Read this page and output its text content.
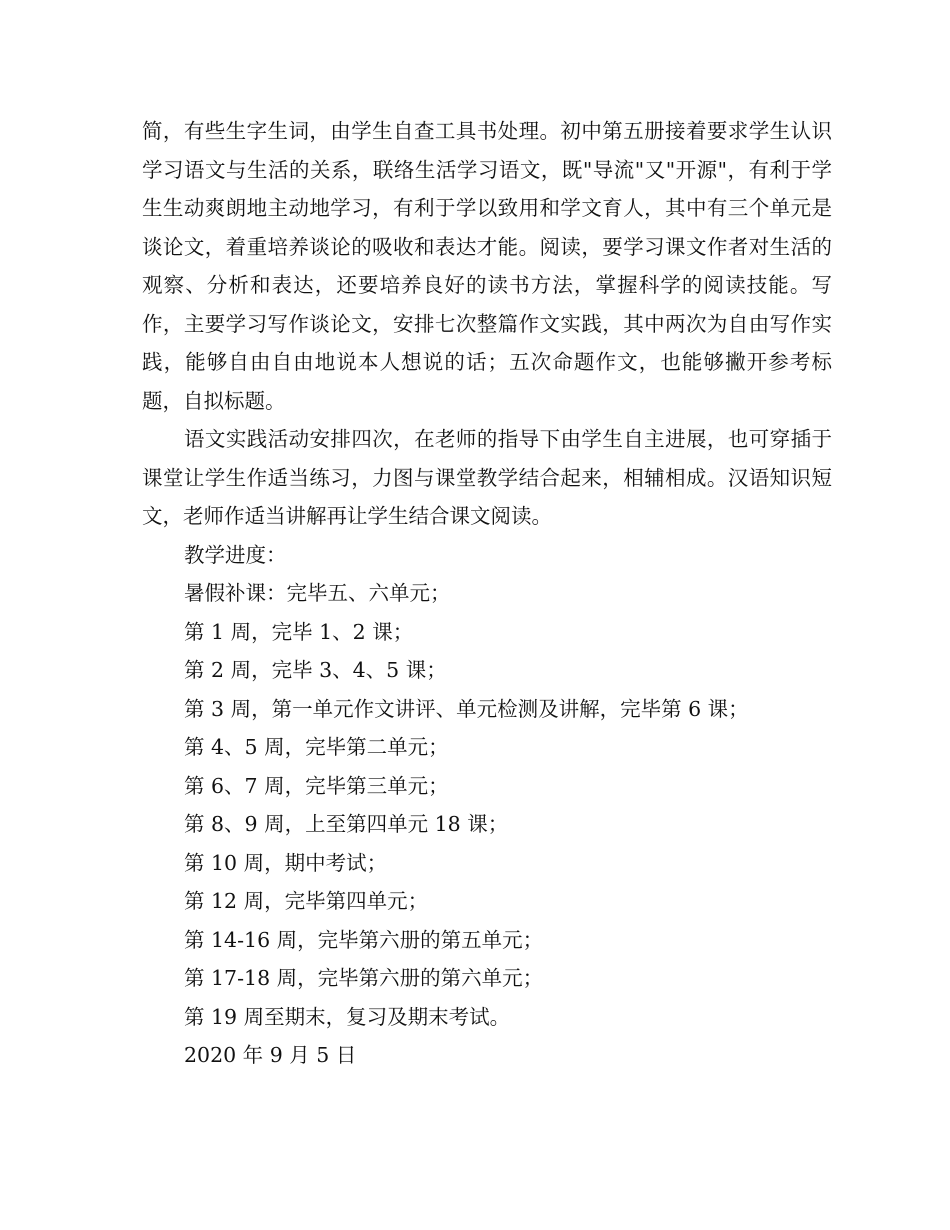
简，有些生字生词，由学生自查工具书处理。初中第五册接着要求学生认识学习语文与生活的关系，联络生活学习语文，既"导流"又"开源"，有利于学生生动爽朗地主动地学习，有利于学以致用和学文育人，其中有三个单元是谈论文，着重培养谈论的吸收和表达才能。阅读，要学习课文作者对生活的观察、分析和表达，还要培养良好的读书方法，掌握科学的阅读技能。写作，主要学习写作谈论文，安排七次整篇作文实践，其中两次为自由写作实践，能够自由自由地说本人想说的话；五次命题作文，也能够撇开参考标题，自拟标题。

语文实践活动安排四次，在老师的指导下由学生自主进展，也可穿插于课堂让学生作适当练习，力图与课堂教学结合起来，相辅相成。汉语知识短文，老师作适当讲解再让学生结合课文阅读。

教学进度：

暑假补课：完毕五、六单元；

第 1 周，完毕 1、2 课；

第 2 周，完毕 3、4、5 课；

第 3 周，第一单元作文讲评、单元检测及讲解，完毕第 6 课；

第 4、5 周，完毕第二单元；

第 6、7 周，完毕第三单元；

第 8、9 周，上至第四单元 18 课；

第 10 周，期中考试；

第 12 周，完毕第四单元；

第 14-16 周，完毕第六册的第五单元；

第 17-18 周，完毕第六册的第六单元；

第 19 周至期末，复习及期末考试。

2020 年 9 月 5 日
